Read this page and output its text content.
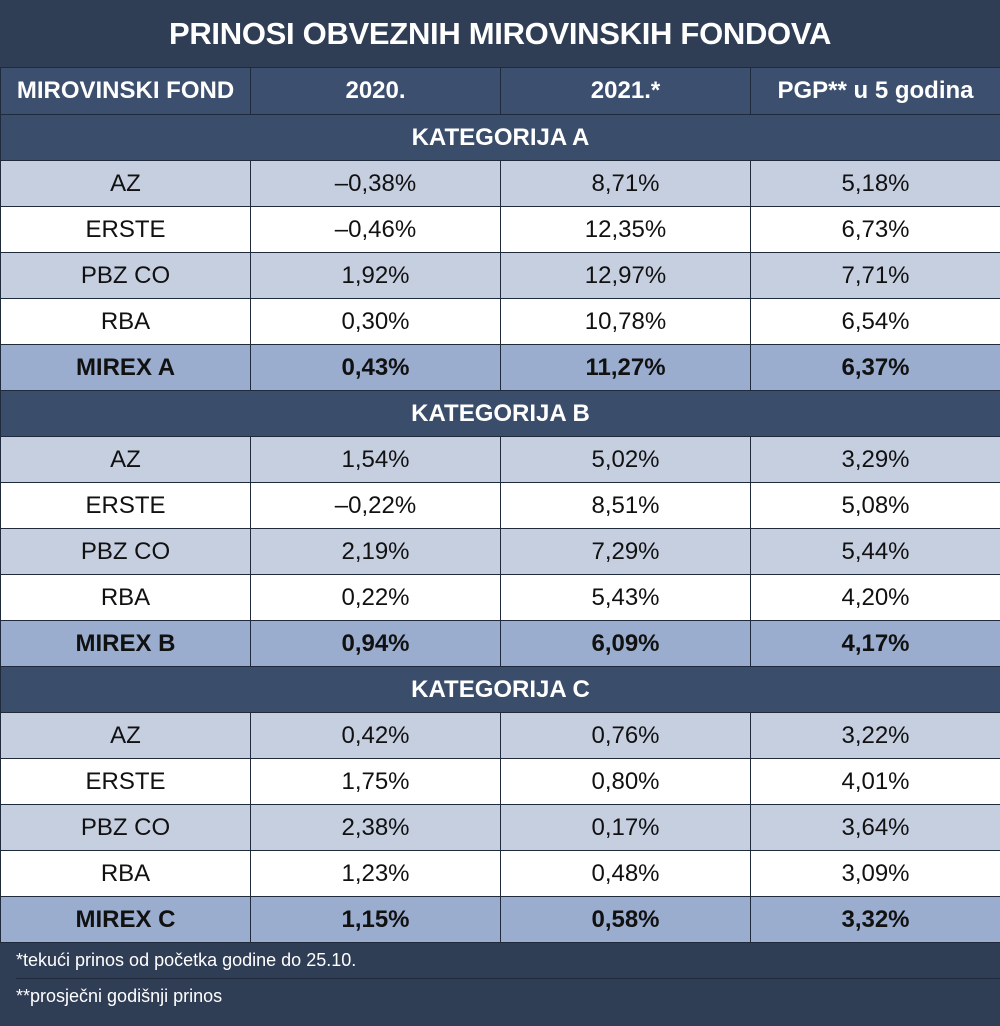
PRINOSI OBVEZNIH MIROVINSKIH FONDOVA
MIROVINSKI FOND	2020.	2021.*	PGP** u 5 godina
KATEGORIJA A			
AZ	–0,38%	8,71%	5,18%
ERSTE	–0,46%	12,35%	6,73%
PBZ CO	1,92%	12,97%	7,71%
RBA	0,30%	10,78%	6,54%
MIREX A	0,43%	11,27%	6,37%
KATEGORIJA B			
AZ	1,54%	5,02%	3,29%
ERSTE	–0,22%	8,51%	5,08%
PBZ CO	2,19%	7,29%	5,44%
RBA	0,22%	5,43%	4,20%
MIREX B	0,94%	6,09%	4,17%
KATEGORIJA C			
AZ	0,42%	0,76%	3,22%
ERSTE	1,75%	0,80%	4,01%
PBZ CO	2,38%	0,17%	3,64%
RBA	1,23%	0,48%	3,09%
MIREX C	1,15%	0,58%	3,32%
*tekući prinos od početka godine do 25.10.
**prosječni godišnji prinos
